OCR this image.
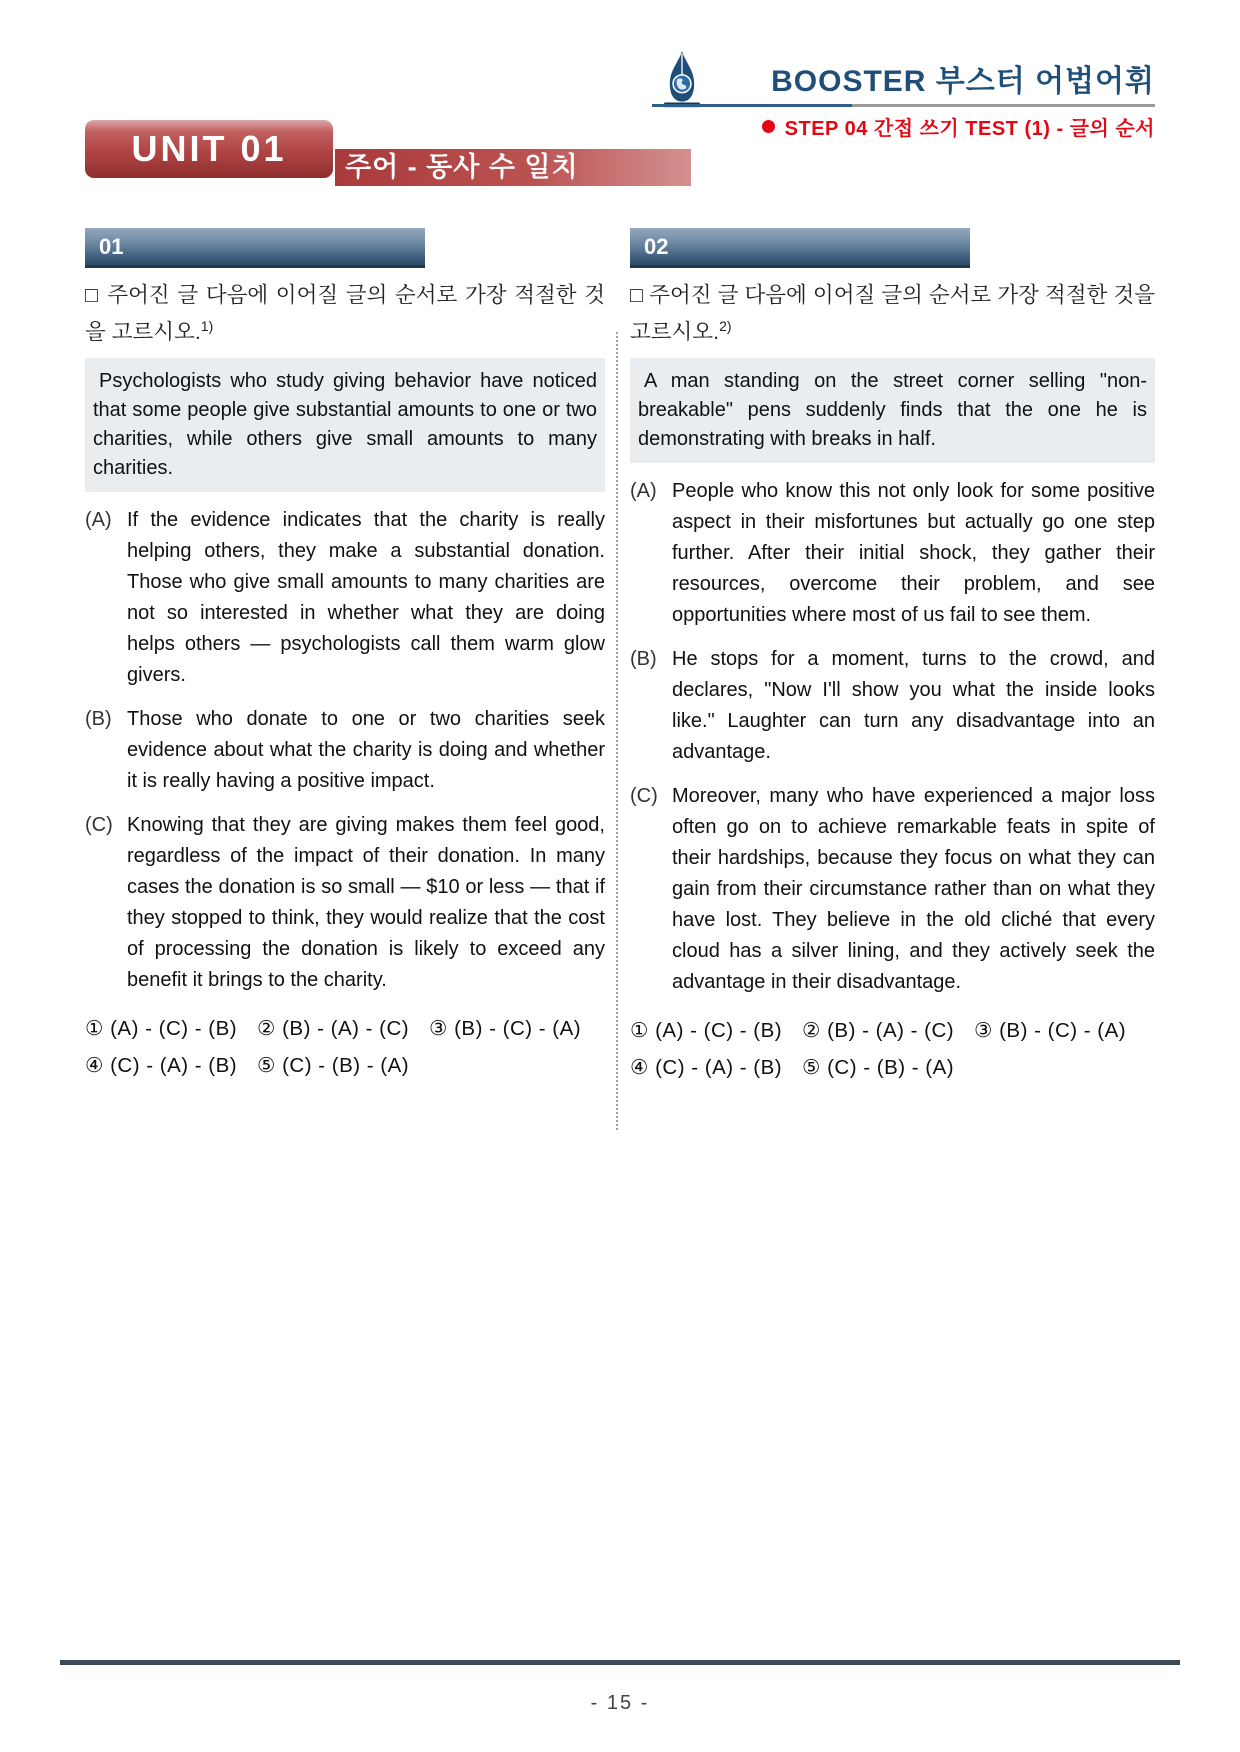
BOOSTER 부스터 어법어휘
STEP 04 간접 쓰기 TEST (1) - 글의 순서
UNIT 01	주어 - 동사 수 일치
01
□ 주어진 글 다음에 이어질 글의 순서로 가장 적절한 것을 고르시오.$^{1)}$
Psychologists who study giving behavior have noticed that some people give substantial amounts to one or two charities, while others give small amounts to many charities.
(A) If the evidence indicates that the charity is really helping others, they make a substantial donation. Those who give small amounts to many charities are not so interested in whether what they are doing helps others — psychologists call them warm glow givers.
(B) Those who donate to one or two charities seek evidence about what the charity is doing and whether it is really having a positive impact.
(C) Knowing that they are giving makes them feel good, regardless of the impact of their donation. In many cases the donation is so small — $10 or less — that if they stopped to think, they would realize that the cost of processing the donation is likely to exceed any benefit it brings to the charity.
① (A) - (C) - (B) ② (B) - (A) - (C) ③ (B) - (C) - (A)
④ (C) - (A) - (B) ⑤ (C) - (B) - (A)
02
□ 주어진 글 다음에 이어질 글의 순서로 가장 적절한 것을 고르시오.$^{2)}$
A man standing on the street corner selling "non-breakable" pens suddenly finds that the one he is demonstrating with breaks in half.
(A) People who know this not only look for some positive aspect in their misfortunes but actually go one step further. After their initial shock, they gather their resources, overcome their problem, and see opportunities where most of us fail to see them.
(B) He stops for a moment, turns to the crowd, and declares, "Now I'll show you what the inside looks like." Laughter can turn any disadvantage into an advantage.
(C) Moreover, many who have experienced a major loss often go on to achieve remarkable feats in spite of their hardships, because they focus on what they can gain from their circumstance rather than on what they have lost. They believe in the old cliché that every cloud has a silver lining, and they actively seek the advantage in their disadvantage.
① (A) - (C) - (B) ② (B) - (A) - (C) ③ (B) - (C) - (A)
④ (C) - (A) - (B) ⑤ (C) - (B) - (A)
- 15 -
